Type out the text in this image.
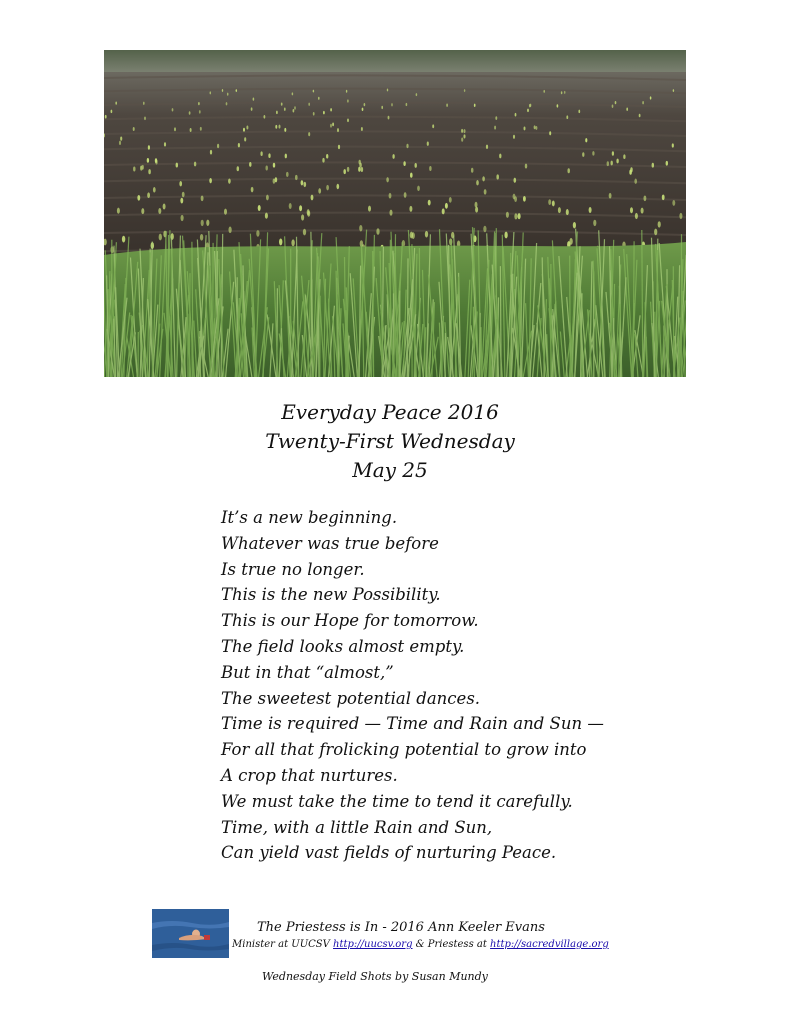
Everyday Peace 2016
Twenty-First Wednesday
May 25
It’s a new beginning.
Whatever was true before
Is true no longer.
This is the new Possibility.
This is our Hope for tomorrow.
The field looks almost empty.
But in that “almost,”
The sweetest potential dances.
Time is required — Time and Rain and Sun —
For all that frolicking potential to grow into
A crop that nurtures.
We must take the time to tend it carefully.
Time, with a little Rain and Sun,
Can yield vast fields of nurturing Peace.
The Priestess is In - 2016 Ann Keeler Evans
Minister at UUCSV http://uucsv.org & Priestess at http://sacredvillage.org
Wednesday Field Shots by Susan Mundy
